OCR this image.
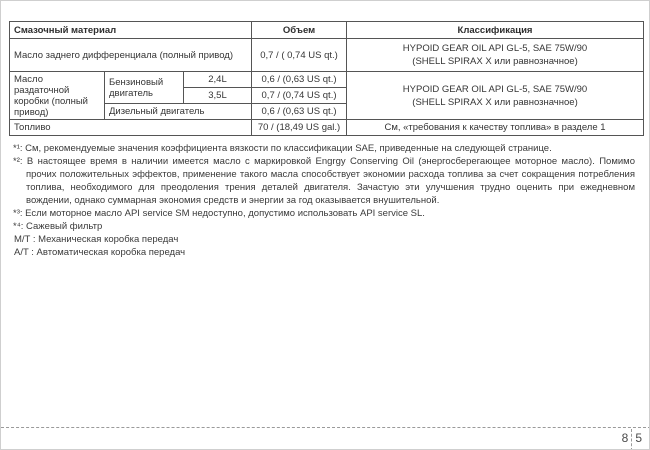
Смазочный материал			Объем	Классификация
Масло заднего дифференциала (полный привод)			0,7 / ( 0,74 US qt.)	HYPOID GEAR OIL API GL-5, SAE 75W/90
(SHELL SPIRAX X или равнозначное)

Масло раздаточной коробки (полный привод)	Бензиновый двигатель	2,4L	0,6 / (0,63 US qt.)	HYPOID GEAR OIL API GL-5, SAE 75W/90
(SHELL SPIRAX X или равнозначное)

		3,5L	0,7 / (0,74 US qt.)	
	Дизельный двигатель		0,6 / (0,63 US qt.)	
Топливо			70 / (18,49 US gal.)	См, «требования к качеству топлива» в разделе 1
*¹: См, рекомендуемые значения коэффициента вязкости по классификации SAE, приведенные на следующей странице.
*²: В настоящее время в наличии имеется масло с маркировкой Engrgy Conserving Oil (энергосберегающее моторное масло). Помимо прочих положительных эффектов, применение такого масла способствует экономии расхода топлива за счет сокращения потребления топлива, необходимого для преодоления трения деталей двигателя. Зачастую эти улучшения трудно оценить при ежедневном вождении, однако суммарная экономия средств и энергии за год оказывается внушительной.
*³: Если моторное масло API service SM недоступно, допустимо использовать API service SL.
*⁴: Сажевый фильтр
M/T : Механическая коробка передач
A/T : Автоматическая коробка передач
8 5
